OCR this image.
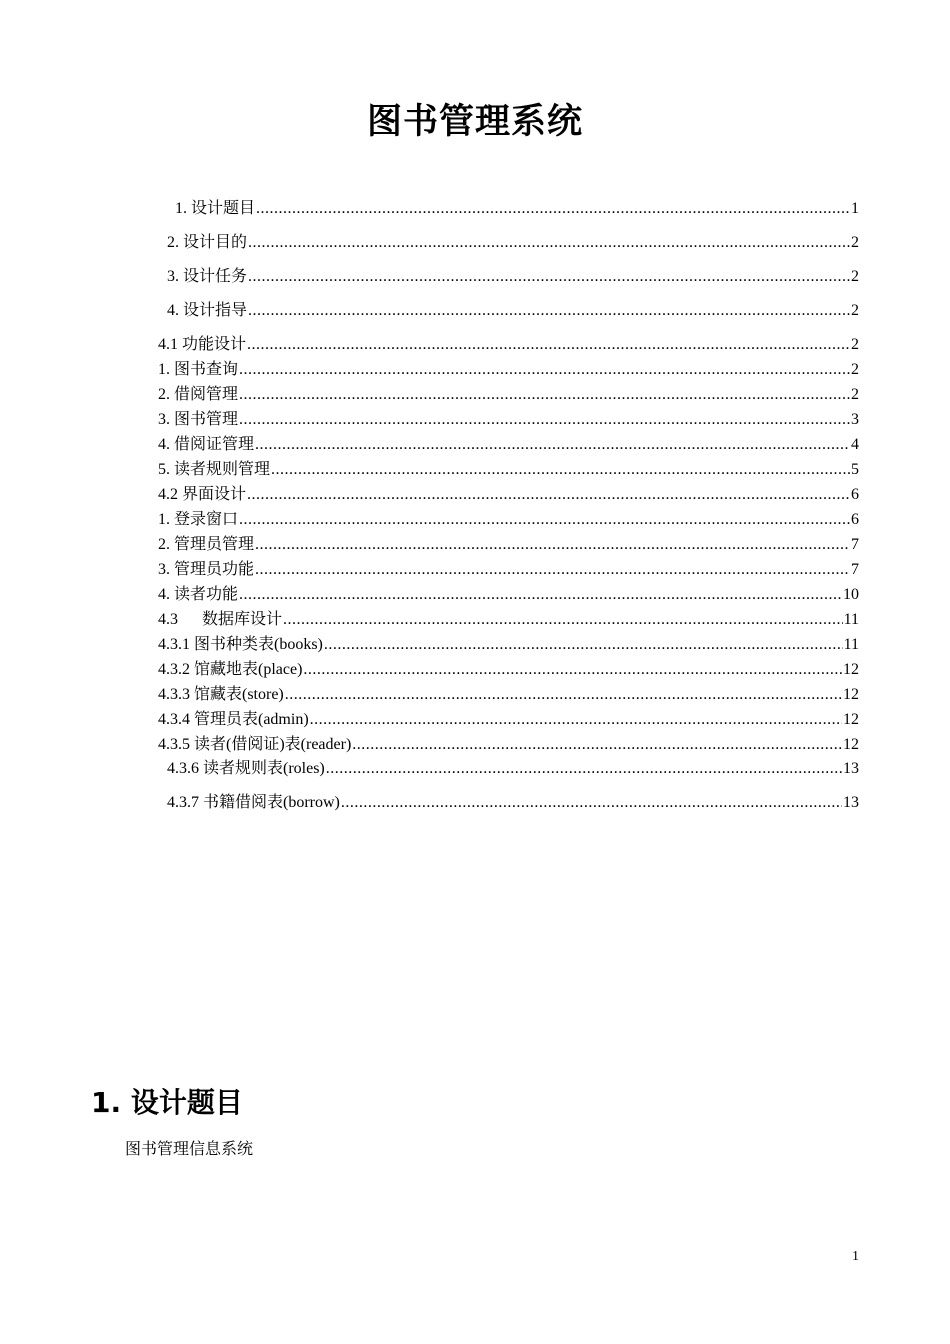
图书管理系统
1. 设计题目 .....	1
2. 设计目的 .....	2
3. 设计任务 .....	2
4. 设计指导 .....	2
4.1 功能设计 .....	2
1. 图书查询 .....	2
2. 借阅管理 .....	2
3. 图书管理 .....	3
4. 借阅证管理 .....	4
5. 读者规则管理 .....	5
4.2 界面设计 .....	6
1. 登录窗口 .....	6
2. 管理员管理 .....	7
3. 管理员功能 .....	7
4. 读者功能 .....	10
4.3      数据库设计 .....	11
4.3.1 图书种类表(books) .....	11
4.3.2 馆藏地表(place) .....	12
4.3.3 馆藏表(store) .....	12
4.3.4 管理员表(admin) .....	12
4.3.5 读者(借阅证)表(reader) .....	12
4.3.6 读者规则表(roles) .....	13
4.3.7 书籍借阅表(borrow) .....	13
1. 设计题目

图书管理信息系统

1
